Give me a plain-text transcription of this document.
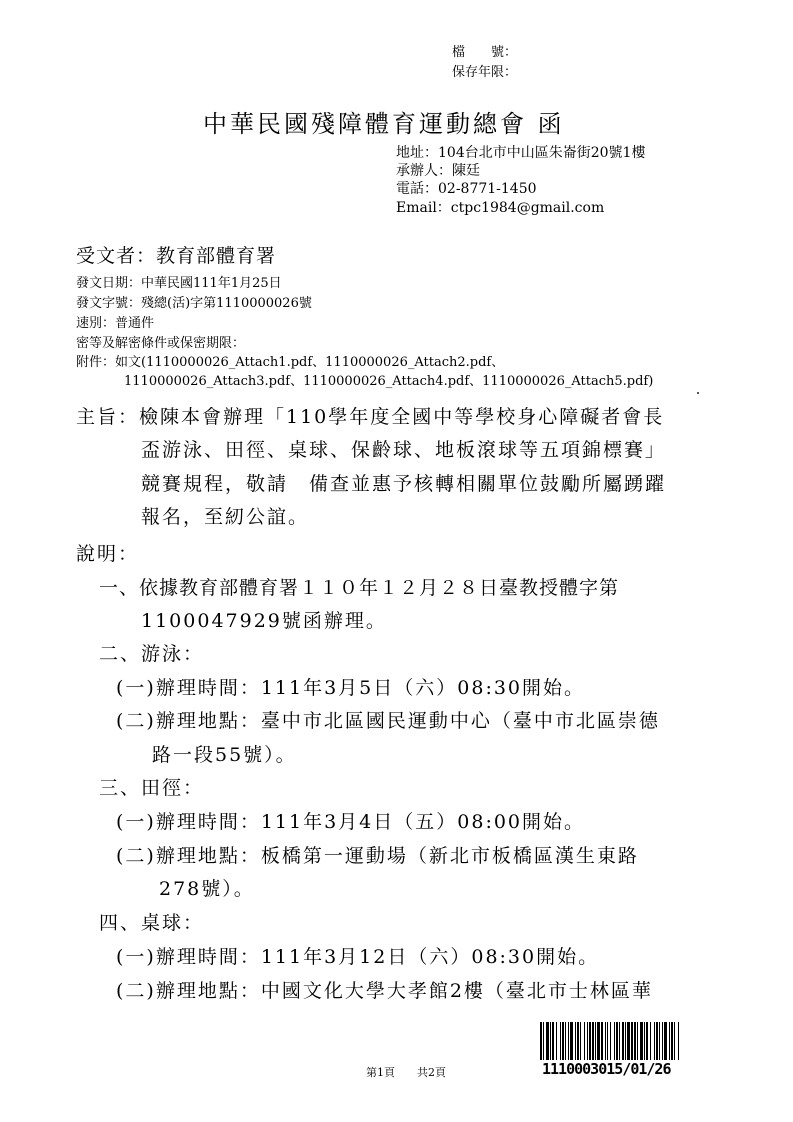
檔　　號：
保存年限：
中華民國殘障體育運動總會 函
地址：104台北市中山區朱崙街20號1樓
承辦人：陳廷
電話：02-8771-1450
Email：ctpc1984@gmail.com
受文者：教育部體育署
發文日期：中華民國111年1月25日
發文字號：殘總(活)字第1110000026號
速別：普通件
密等及解密條件或保密期限：
附件：如文(1110000026_Attach1.pdf、1110000026_Attach2.pdf、
1110000026_Attach3.pdf、1110000026_Attach4.pdf、1110000026_Attach5.pdf)
主旨：檢陳本會辦理「110學年度全國中等學校身心障礙者會長
盃游泳、田徑、桌球、保齡球、地板滾球等五項錦標賽」
競賽規程，敬請　備查並惠予核轉相關單位鼓勵所屬踴躍
報名，至紉公誼。
說明：
一、依據教育部體育署１１０年１２月２８日臺教授體字第
1100047929號函辦理。
二、游泳：
(一)辦理時間：111年3月5日（六）08:30開始。
(二)辦理地點：臺中市北區國民運動中心（臺中市北區崇德
路一段55號）。
三、田徑：
(一)辦理時間：111年3月4日（五）08:00開始。
(二)辦理地點：板橋第一運動場（新北市板橋區漢生東路
278號）。
四、桌球：
(一)辦理時間：111年3月12日（六）08:30開始。
(二)辦理地點：中國文化大學大孝館2樓（臺北市士林區華
1110003015/01/26
第1頁　　共2頁
